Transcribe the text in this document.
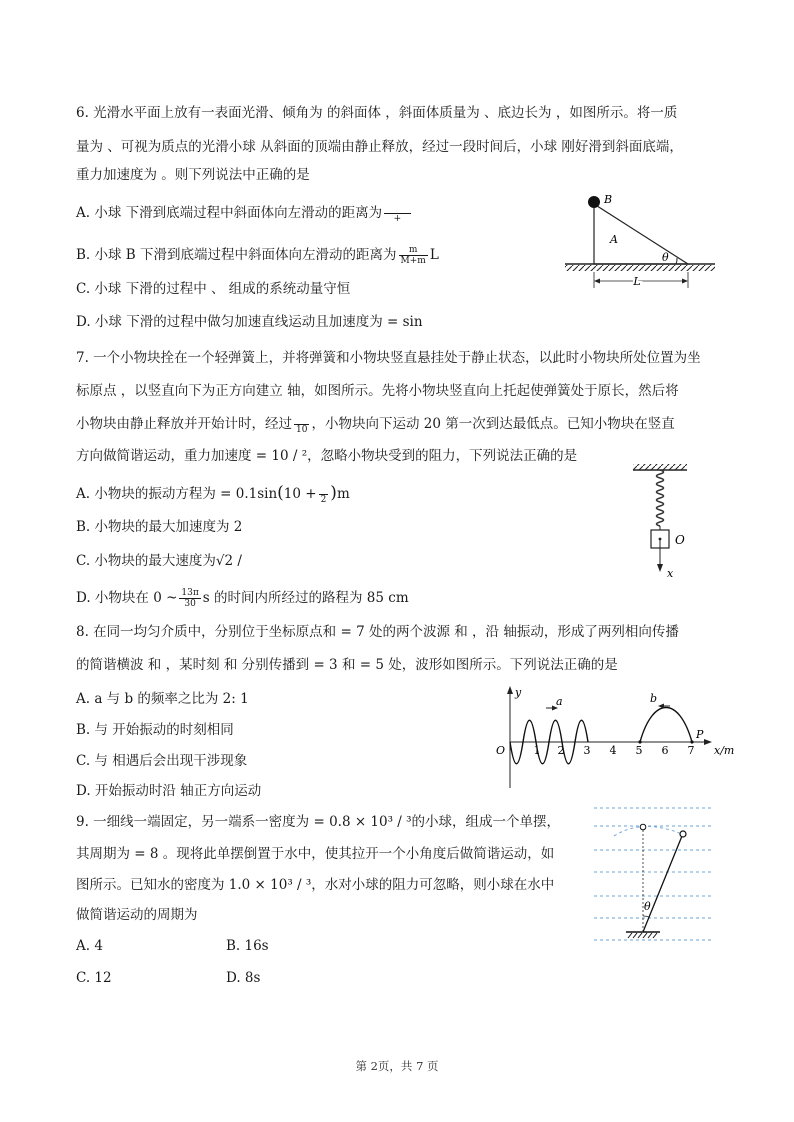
6. 光滑水平面上放有一表面光滑、倾角为 的斜面体 ，斜面体质量为 、底边长为 ，如图所示。将一质
量为 、可视为质点的光滑小球 从斜面的顶端由静止释放，经过一段时间后，小球 刚好滑到斜面底端，
重力加速度为 。则下列说法中正确的是
A. 小球 下滑到底端过程中斜面体向左滑动的距离为 $\frac{​}{+}$
B. 小球 B 下滑到底端过程中斜面体向左滑动的距离为 $\frac{m}{M+m}$ L
C. 小球 下滑的过程中 、 组成的系统动量守恒
D. 小球 下滑的过程中做匀加速直线运动且加速度为 = sin
B
A
θ
L
7. 一个小物块拴在一个轻弹簧上，并将弹簧和小物块竖直悬挂处于静止状态，以此时小物块所处位置为坐
标原点 ，以竖直向下为正方向建立 轴，如图所示。先将小物块竖直向上托起使弹簧处于原长，然后将
小物块由静止释放并开始计时，经过 $\frac{​}{10}$ ，小物块向下运动 20 第一次到达最低点。已知小物块在竖直
方向做简谐运动，重力加速度 = 10 / ²，忽略小物块受到的阻力，下列说法正确的是
A. 小物块的振动方程为 = $0.1\sin(10 + \frac{​}{2} )m$
B. 小物块的最大加速度为 2
C. 小物块的最大速度为√2 /
D. 小物块在 0 ~ $\frac{13\pi}{30}$ s 的时间内所经过的路程为 85 cm
O
x
8. 在同一均匀介质中，分别位于坐标原点和 = 7 处的两个波源 和 ，沿 轴振动，形成了两列相向传播
的简谐横波 和 ，某时刻 和 分别传播到 = 3 和 = 5 处，波形如图所示。下列说法正确的是
A. a 与 b 的频率之比为 2: 1
B. 与 开始振动的时刻相同
C. 与 相遇后会出现干涉现象
D. 开始振动时沿 轴正方向运动
y
O	x/m
1 2 3 4 5 6 7
a	b
P
9. 一细线一端固定，另一端系一密度为 = 0.8 × 10³ / ³的小球，组成一个单摆，
其周期为 = 8 。现将此单摆倒置于水中，使其拉开一个小角度后做简谐运动，如
图所示。已知水的密度为 1.0 × 10³ / ³，水对小球的阻力可忽略，则小球在水中
做简谐运动的周期为
A. 4	B. 16s
C. 12	D. 8s
θ
第 2页，共 7 页
